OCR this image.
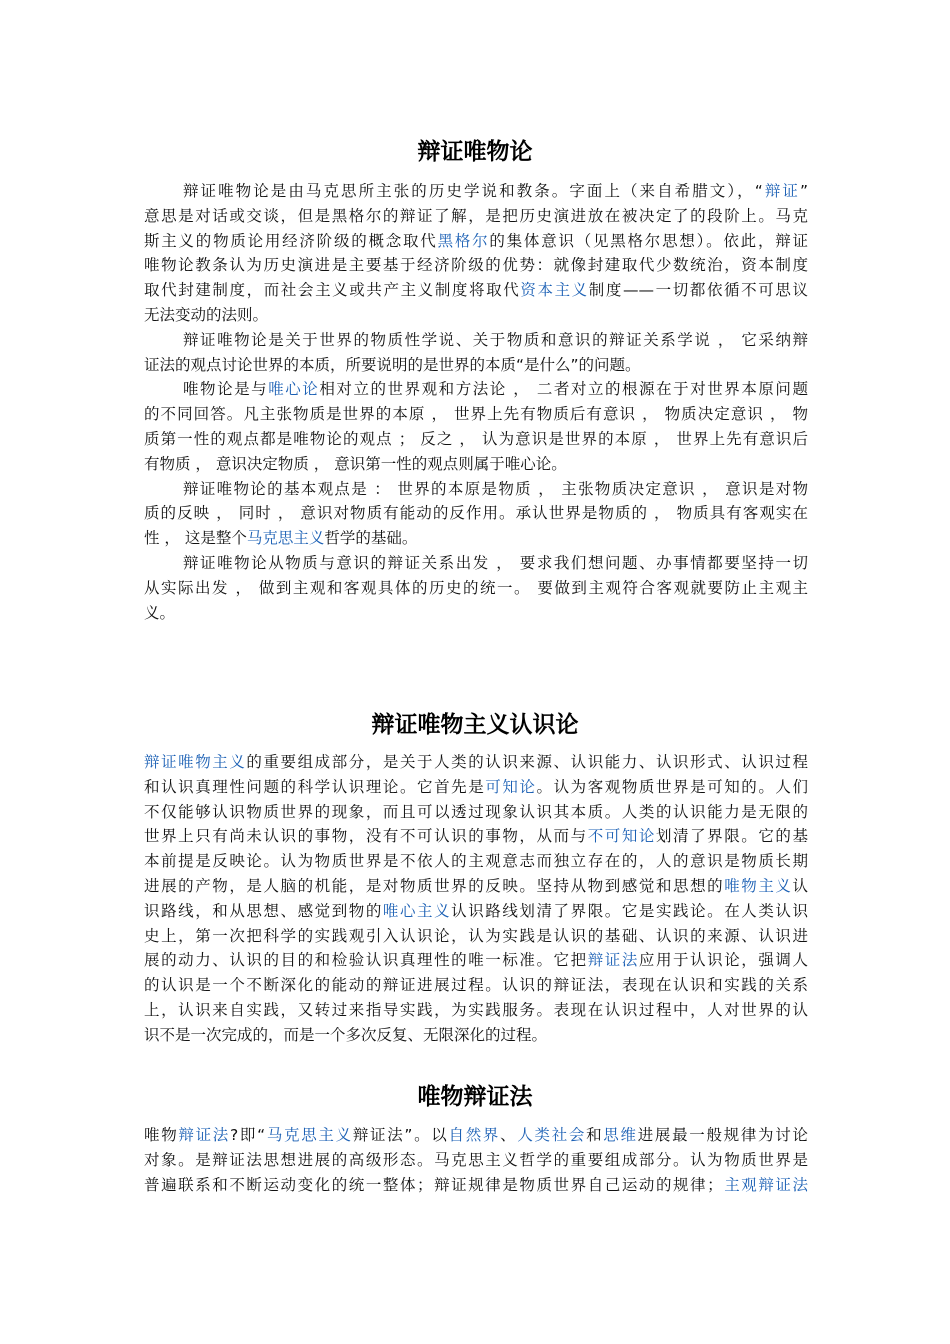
辩证唯物论
辩证唯物论是由马克思所主张的历史学说和教条。字面上（来自希腊文），“辩证”
意思是对话或交谈，但是黑格尔的辩证了解，是把历史演进放在被决定了的段阶上。马克
斯主义的物质论用经济阶级的概念取代黑格尔的集体意识（见黑格尔思想）。依此，辩证
唯物论教条认为历史演进是主要基于经济阶级的优势：就像封建取代少数统治，资本制度
取代封建制度，而社会主义或共产主义制度将取代资本主义制度——一切都依循不可思议
无法变动的法则。
辩证唯物论是关于世界的物质性学说、关于物质和意识的辩证关系学说 ， 它采纳辩
证法的观点讨论世界的本质，所要说明的是世界的本质“是什么”的问题。
唯物论是与唯心论相对立的世界观和方法论 ， 二者对立的根源在于对世界本原问题
的不同回答。凡主张物质是世界的本原 ， 世界上先有物质后有意识 ， 物质决定意识 ， 物
质第一性的观点都是唯物论的观点 ； 反之 ， 认为意识是世界的本原 ， 世界上先有意识后
有物质 ， 意识决定物质 ， 意识第一性的观点则属于唯心论。
辩证唯物论的基本观点是 ： 世界的本原是物质 ， 主张物质决定意识 ， 意识是对物
质的反映 ， 同时 ， 意识对物质有能动的反作用。承认世界是物质的 ， 物质具有客观实在
性 ， 这是整个马克思主义哲学的基础。
辩证唯物论从物质与意识的辩证关系出发 ， 要求我们想问题、办事情都要坚持一切
从实际出发 ， 做到主观和客观具体的历史的统一。 要做到主观符合客观就要防止主观主
义。
辩证唯物主义认识论
辩证唯物主义的重要组成部分，是关于人类的认识来源、认识能力、认识形式、认识过程
和认识真理性问题的科学认识理论。它首先是可知论。认为客观物质世界是可知的。人们
不仅能够认识物质世界的现象，而且可以透过现象认识其本质。人类的认识能力是无限的
世界上只有尚未认识的事物，没有不可认识的事物，从而与不可知论划清了界限。它的基
本前提是反映论。认为物质世界是不依人的主观意志而独立存在的，人的意识是物质长期
进展的产物，是人脑的机能，是对物质世界的反映。坚持从物到感觉和思想的唯物主义认
识路线，和从思想、感觉到物的唯心主义认识路线划清了界限。它是实践论。在人类认识
史上，第一次把科学的实践观引入认识论，认为实践是认识的基础、认识的来源、认识进
展的动力、认识的目的和检验认识真理性的唯一标准。它把辩证法应用于认识论，强调人
的认识是一个不断深化的能动的辩证进展过程。认识的辩证法，表现在认识和实践的关系
上，认识来自实践，又转过来指导实践，为实践服务。表现在认识过程中，人对世界的认
识不是一次完成的，而是一个多次反复、无限深化的过程。
唯物辩证法
唯物辩证法?即“马克思主义辩证法”。以自然界、人类社会和思维进展最一般规律为讨论
对象。是辩证法思想进展的高级形态。马克思主义哲学的重要组成部分。认为物质世界是
普遍联系和不断运动变化的统一整体；辩证规律是物质世界自己运动的规律；主观辩证法
